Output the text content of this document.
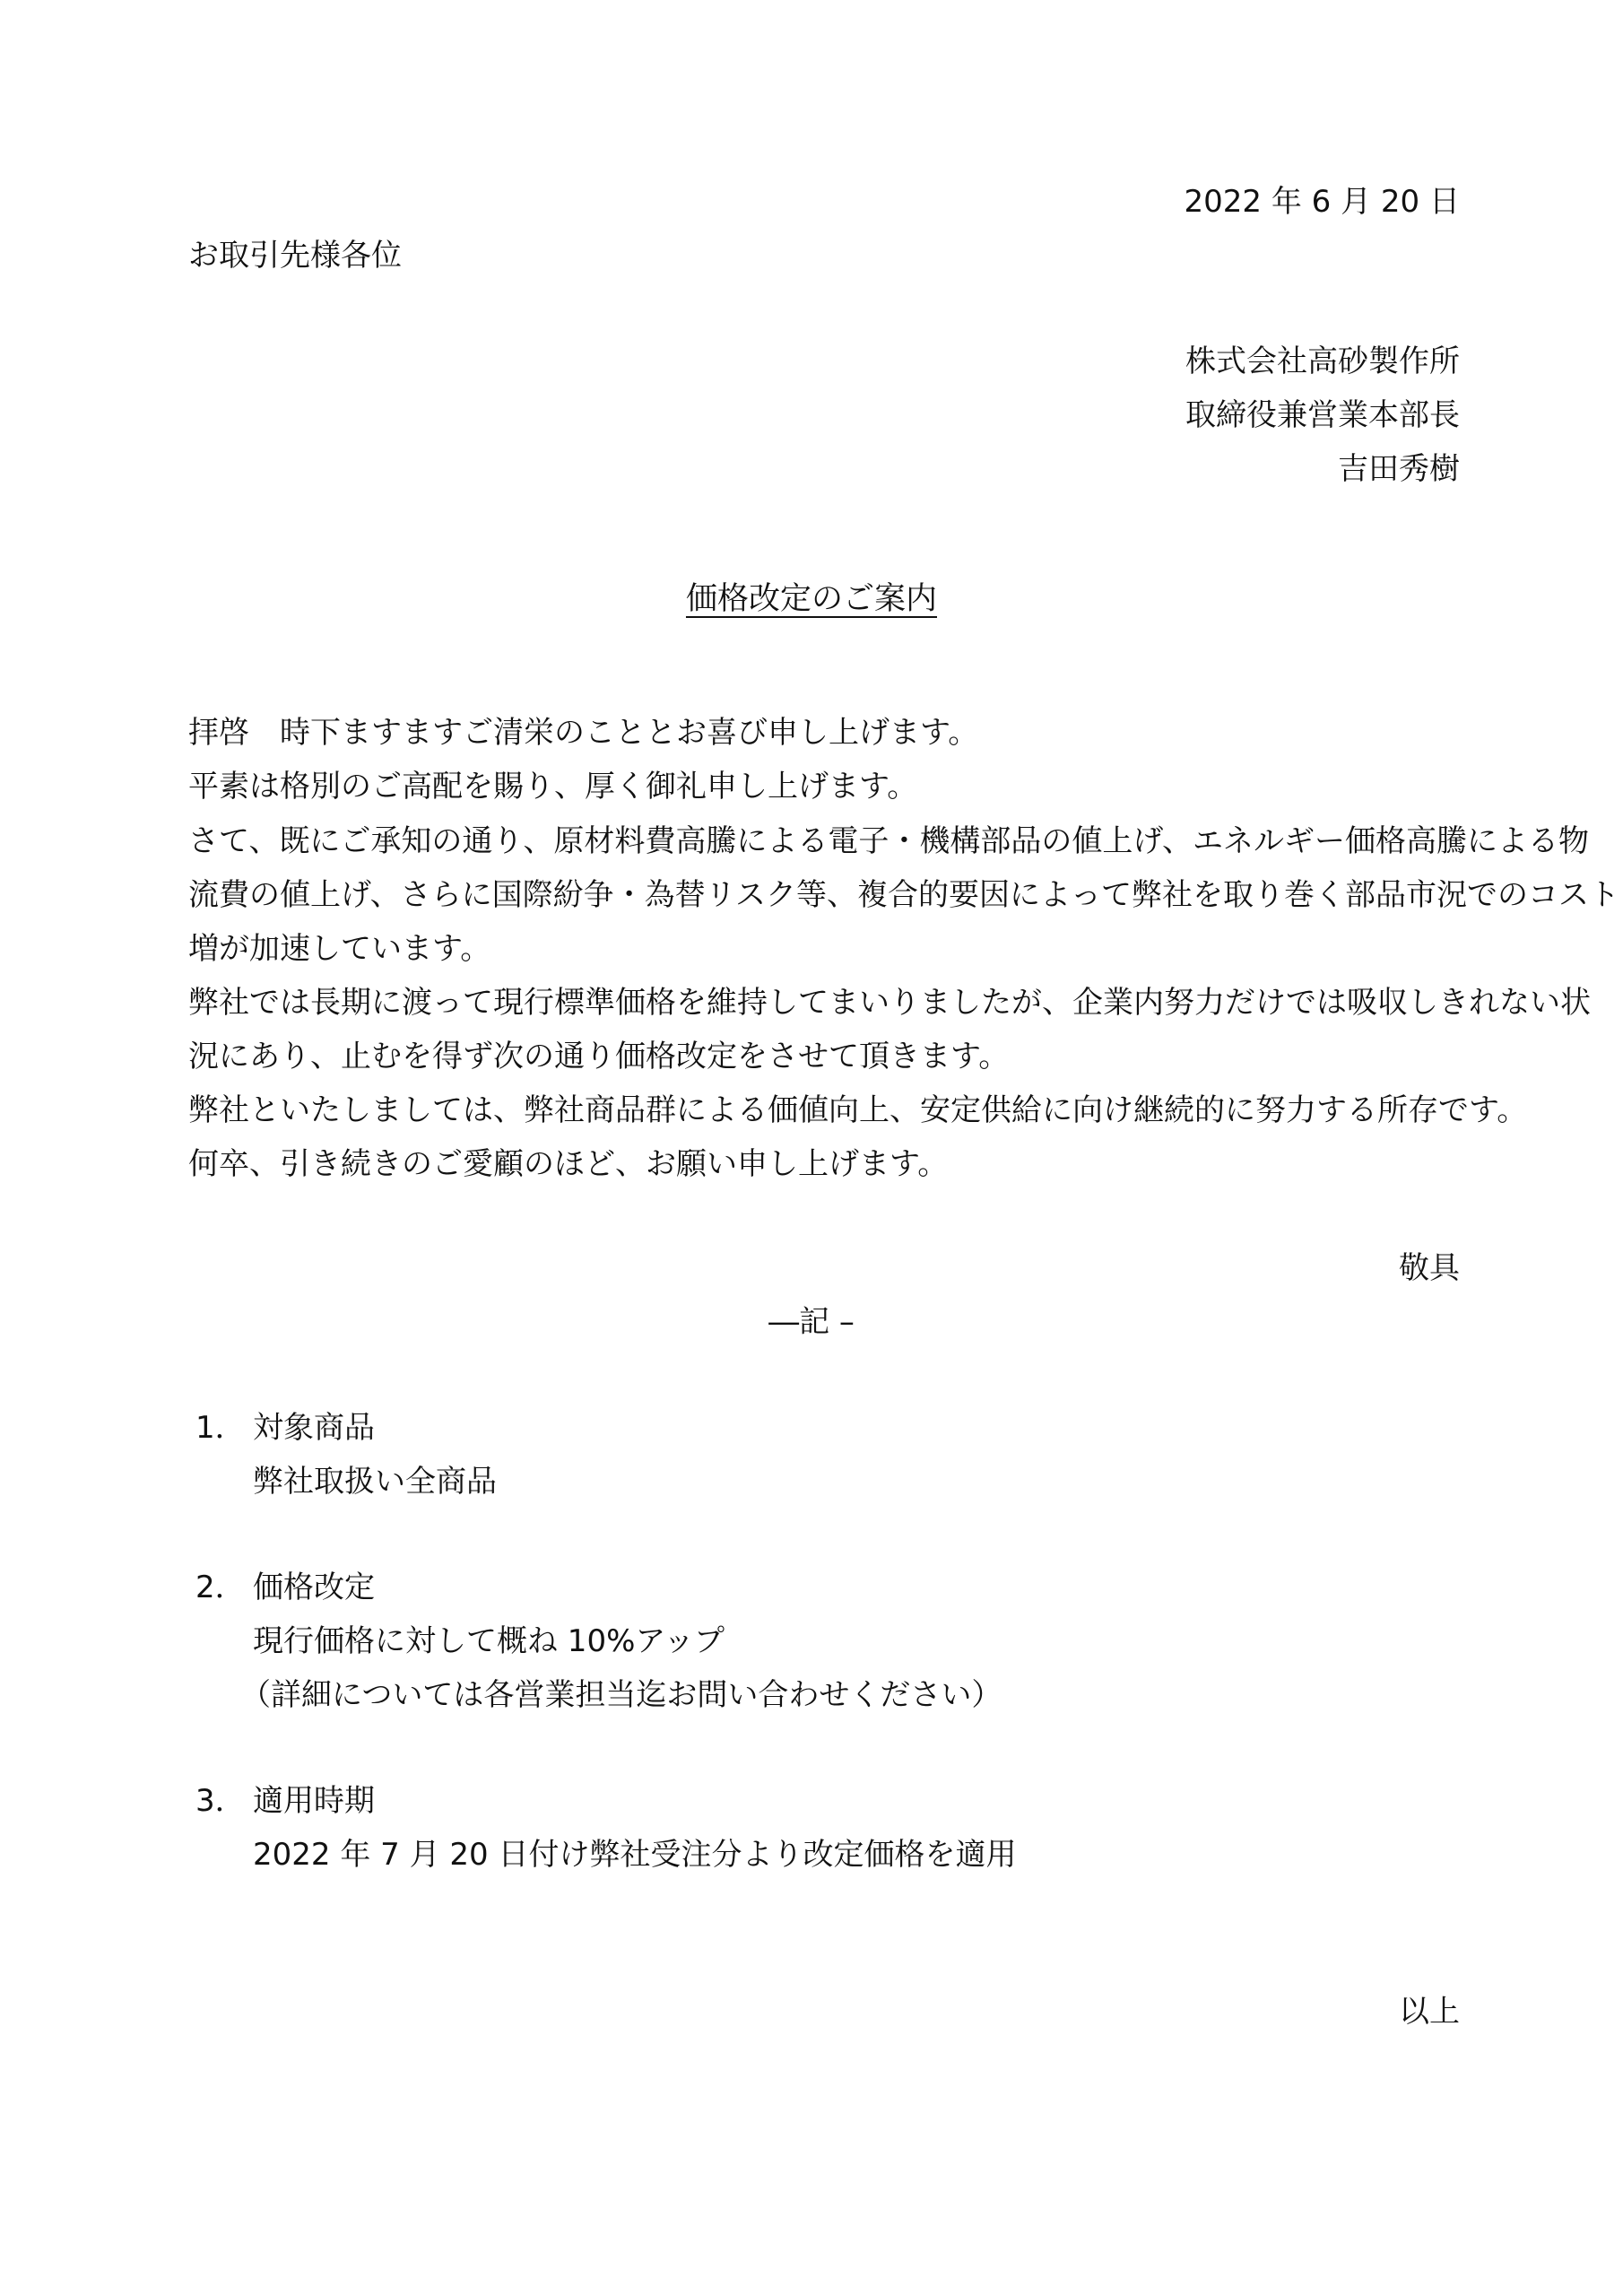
2022 年 6 月 20 日
お取引先様各位
株式会社高砂製作所
取締役兼営業本部長
吉田秀樹
価格改定のご案内
拝啓　時下ますますご清栄のこととお喜び申し上げます。
平素は格別のご高配を賜り、厚く御礼申し上げます。
さて、既にご承知の通り、原材料費高騰による電子・機構部品の値上げ、エネルギー価格高騰による物
流費の値上げ、さらに国際紛争・為替リスク等、複合的要因によって弊社を取り巻く部品市況でのコスト
増が加速しています。
弊社では長期に渡って現行標準価格を維持してまいりましたが、企業内努力だけでは吸収しきれない状
況にあり、止むを得ず次の通り価格改定をさせて頂きます。
弊社といたしましては、弊社商品群による価値向上、安定供給に向け継続的に努力する所存です。
何卒、引き続きのご愛顧のほど、お願い申し上げます。
敬具
―記 –
1． 対象商品
弊社取扱い全商品
2． 価格改定
現行価格に対して概ね 10%アップ
（詳細については各営業担当迄お問い合わせください）
3． 適用時期
2022 年 7 月 20 日付け弊社受注分より改定価格を適用
以上
